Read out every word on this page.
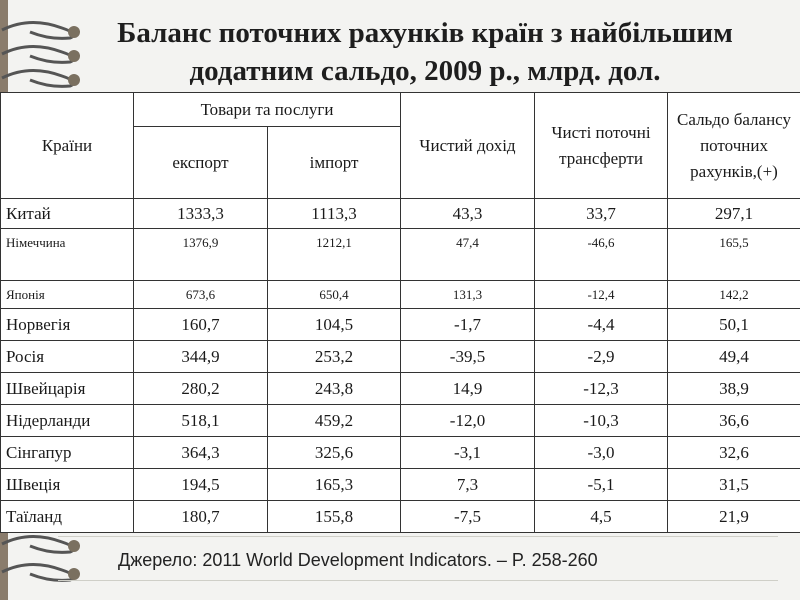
Баланс поточних рахунків країн з найбільшим додатним сальдо, 2009 р., млрд. дол.
Країни	Товари та послуги		Чистий дохід	Чисті поточні трансферти	Сальдо балансу поточних рахунків,(+)
	експорт	імпорт			
Китай	1333,3	1113,3	43,3	33,7	297,1
Німеччина	1376,9	1212,1	47,4	-46,6	165,5
Японія	673,6	650,4	131,3	-12,4	142,2
Норвегія	160,7	104,5	-1,7	-4,4	50,1
Росія	344,9	253,2	-39,5	-2,9	49,4
Швейцарія	280,2	243,8	14,9	-12,3	38,9
Нідерланди	518,1	459,2	-12,0	-10,3	36,6
Сінгапур	364,3	325,6	-3,1	-3,0	32,6
Швеція	194,5	165,3	7,3	-5,1	31,5
Таїланд	180,7	155,8	-7,5	4,5	21,9
Джерело: 2011 World Development Indicators. – P. 258-260
